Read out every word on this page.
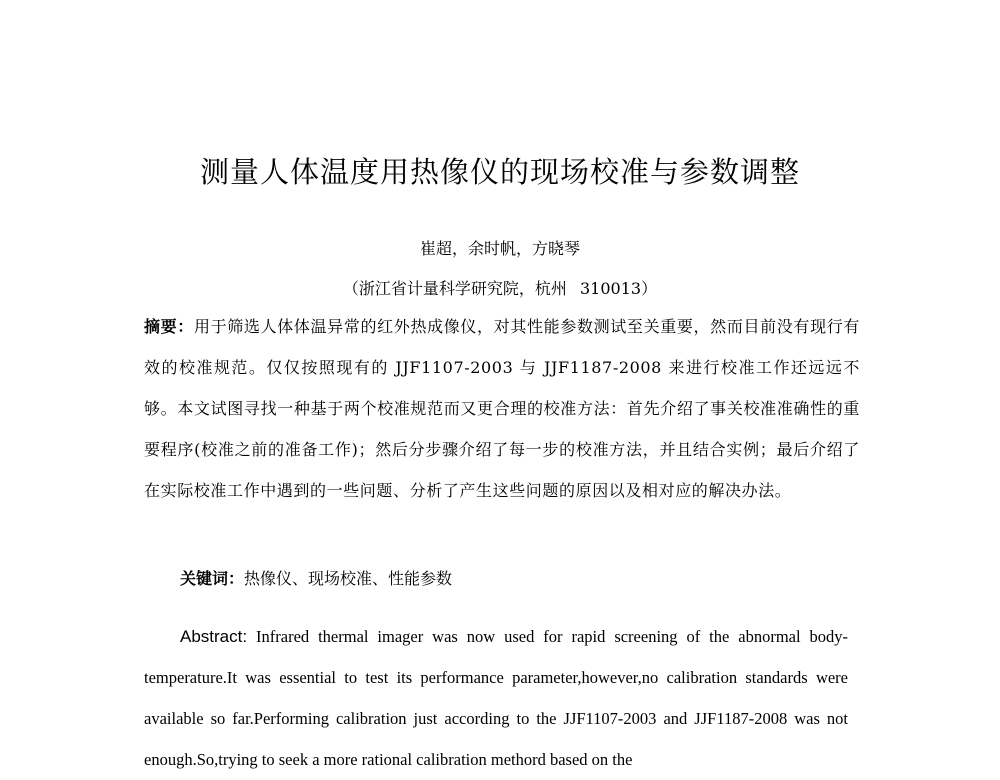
测量人体温度用热像仪的现场校准与参数调整
崔超，余时帆，方晓琴
（浙江省计量科学研究院，杭州 310013）
摘要：用于筛选人体体温异常的红外热成像仪，对其性能参数测试至关重要，然而目前没有现行有效的校准规范。仅仅按照现有的 JJF1107-2003 与 JJF1187-2008 来进行校准工作还远远不够。本文试图寻找一种基于两个校准规范而又更合理的校准方法：首先介绍了事关校准准确性的重要程序(校准之前的准备工作)；然后分步骤介绍了每一步的校准方法，并且结合实例；最后介绍了在实际校准工作中遇到的一些问题、分析了产生这些问题的原因以及相对应的解决办法。
关键词：热像仪、现场校准、性能参数
Abstract: Infrared thermal imager was now used for rapid screening of the abnormal body-temperature.It was essential to test its performance parameter,however,no calibration standards were available so far.Performing calibration just according to the JJF1107-2003 and JJF1187-2008 was not enough.So,trying to seek a more rational calibration methord based on the
